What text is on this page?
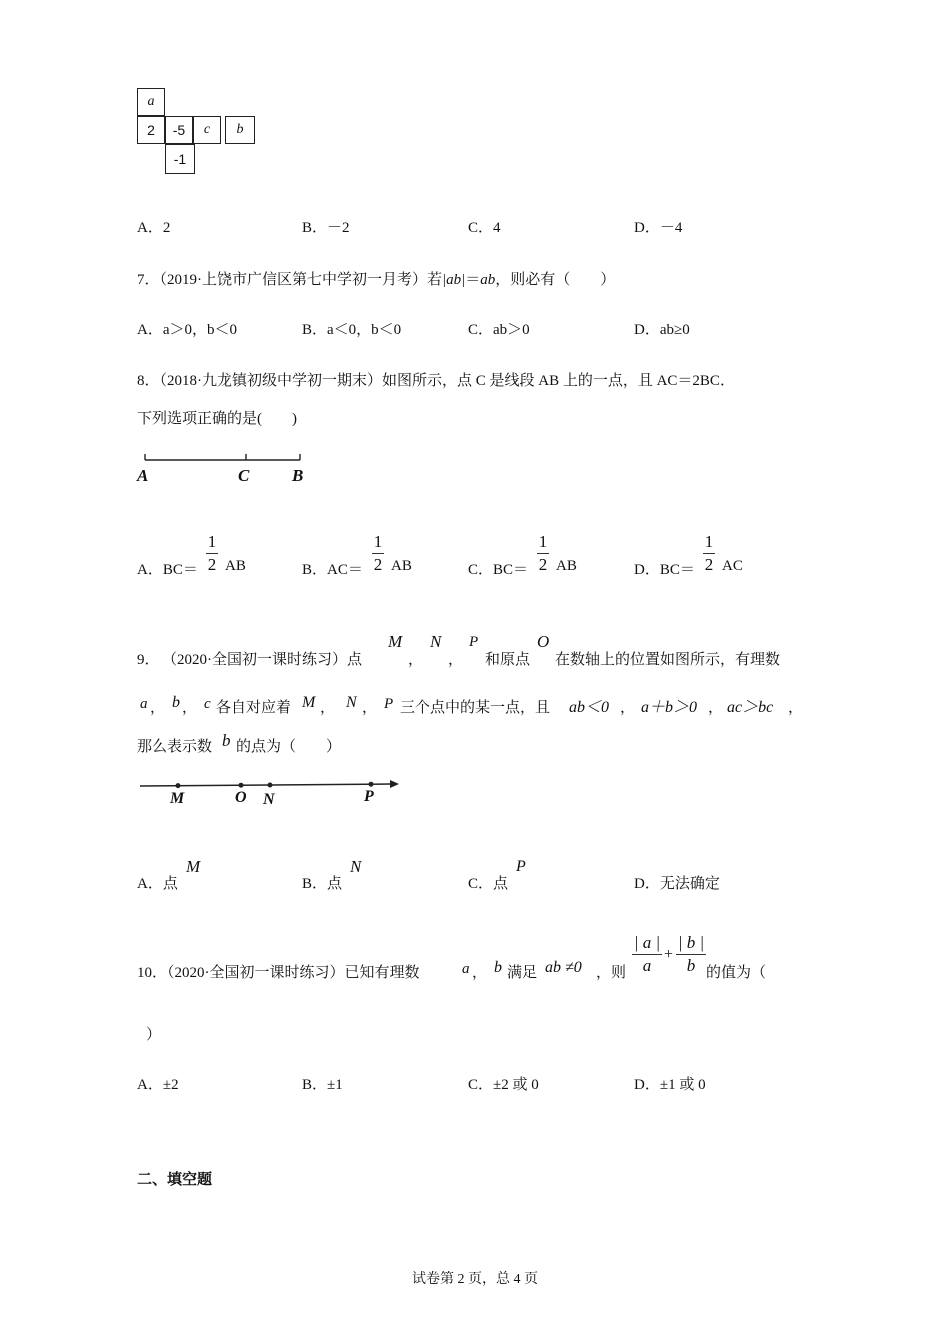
a
2	-5	c	b
-1
A．2	B．－2	C．4	D．－4
7．（2019·上饶市广信区第七中学初一月考）若|ab|＝ab，则必有（　　）
A．a＞0，b＜0	B．a＜0，b＜0	C．ab＞0	D．ab≥0
8．（2018·九龙镇初级中学初一期末）如图所示，点 C 是线段 AB 上的一点，且 AC＝2BC．
下列选项正确的是(　　)
A	C	B
A．BC＝
1
2 AB	B．AC＝
1
2 AB	C．BC＝
1
2 AB	D．BC＝
1
2 AC
9． （2020·全国初一课时练习）点
M
，
N
，
P
和原点
O
在数轴上的位置如图所示，有理数
a ， b ， c 各自对应着 M ， N ， P 三个点中的某一点，且 ab＜0 ， a＋b＞0 ， ac＞bc ，
那么表示数 b 的点为（　　）
M	O N	P
A．点
M
B．点
N
C．点
P
D．无法确定
10．（2020·全国初一课时练习）已知有理数	a ， b 满足 ab ≠0 ，则
| a |
a
+
| b |
b 的值为（
）
A．±2	B．±1	C．±2 或 0	D．±1 或 0
二、填空题
试卷第 2 页，总 4 页
